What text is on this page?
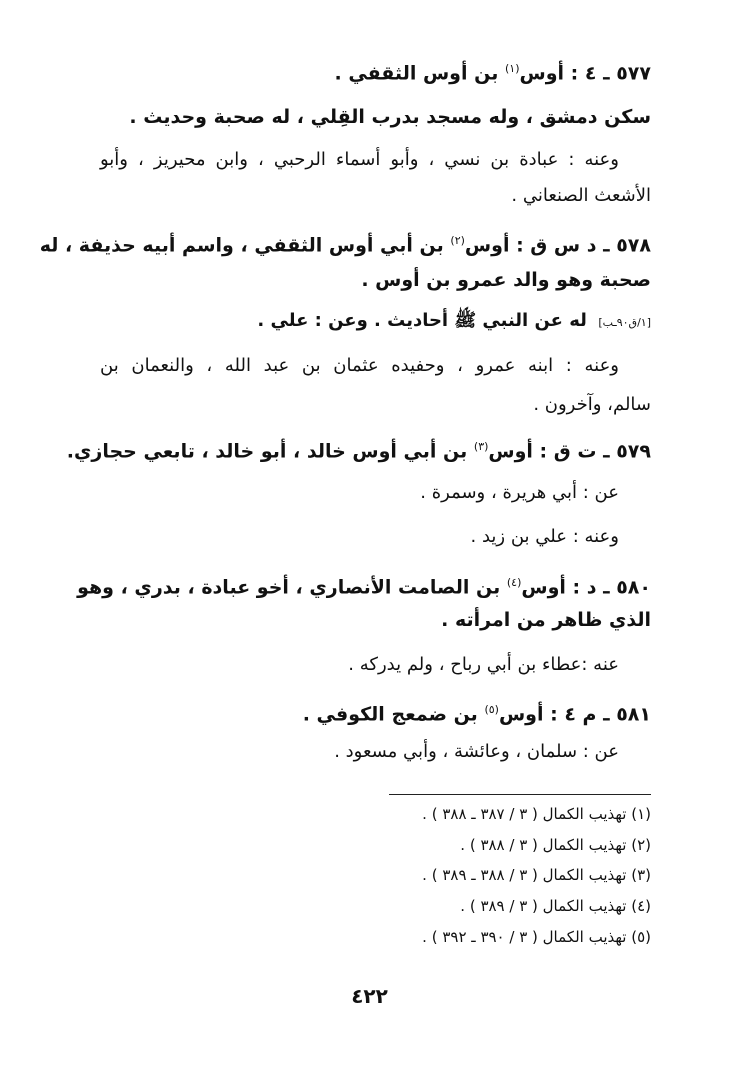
٥٧٧ ـ ٤ : أوس$^{(١)}$ بن أوس الثقفي .
سكن دمشق ، وله مسجد بدرب القِلي ، له صحبة وحديث .
وعنه : عبادة بن نسي ، وأبو أسماء الرحبي ، وابن محيريز ، وأبو
الأشعث الصنعاني .
٥٧٨ ـ د س ق : أوس$^{(٢)}$ بن أبي أوس الثقفي ، واسم أبيه حذيفة ، له
صحبة وهو والد عمرو بن أوس .
[١/ق٩٠ـب]  له عن النبي ﷺ أحاديث . وعن : علي .
وعنه : ابنه عمرو ، وحفيده عثمان بن عبد الله ، والنعمان بن
سالم، وآخرون .
٥٧٩ ـ ت ق : أوس$^{(٣)}$ بن أبي أوس خالد ، أبو خالد ، تابعي حجازي.
عن : أبي هريرة ، وسمرة .
وعنه : علي بن زيد .
٥٨٠ ـ د : أوس$^{(٤)}$ بن الصامت الأنصاري ، أخو عبادة ، بدري ، وهو
الذي ظاهر من امرأته .
عنه :عطاء بن أبي رباح ، ولم يدركه .
٥٨١ ـ م ٤ : أوس$^{(٥)}$ بن ضمعج الكوفي .
عن : سلمان ، وعائشة ، وأبي مسعود .
(١) تهذيب الكمال ( ٣ / ٣٨٧ ـ ٣٨٨ ) .
(٢) تهذيب الكمال ( ٣ / ٣٨٨ ) .
(٣) تهذيب الكمال ( ٣ / ٣٨٨ ـ ٣٨٩ ) .
(٤) تهذيب الكمال ( ٣ / ٣٨٩ ) .
(٥) تهذيب الكمال ( ٣ / ٣٩٠ ـ ٣٩٢ ) .
٤٢٢
